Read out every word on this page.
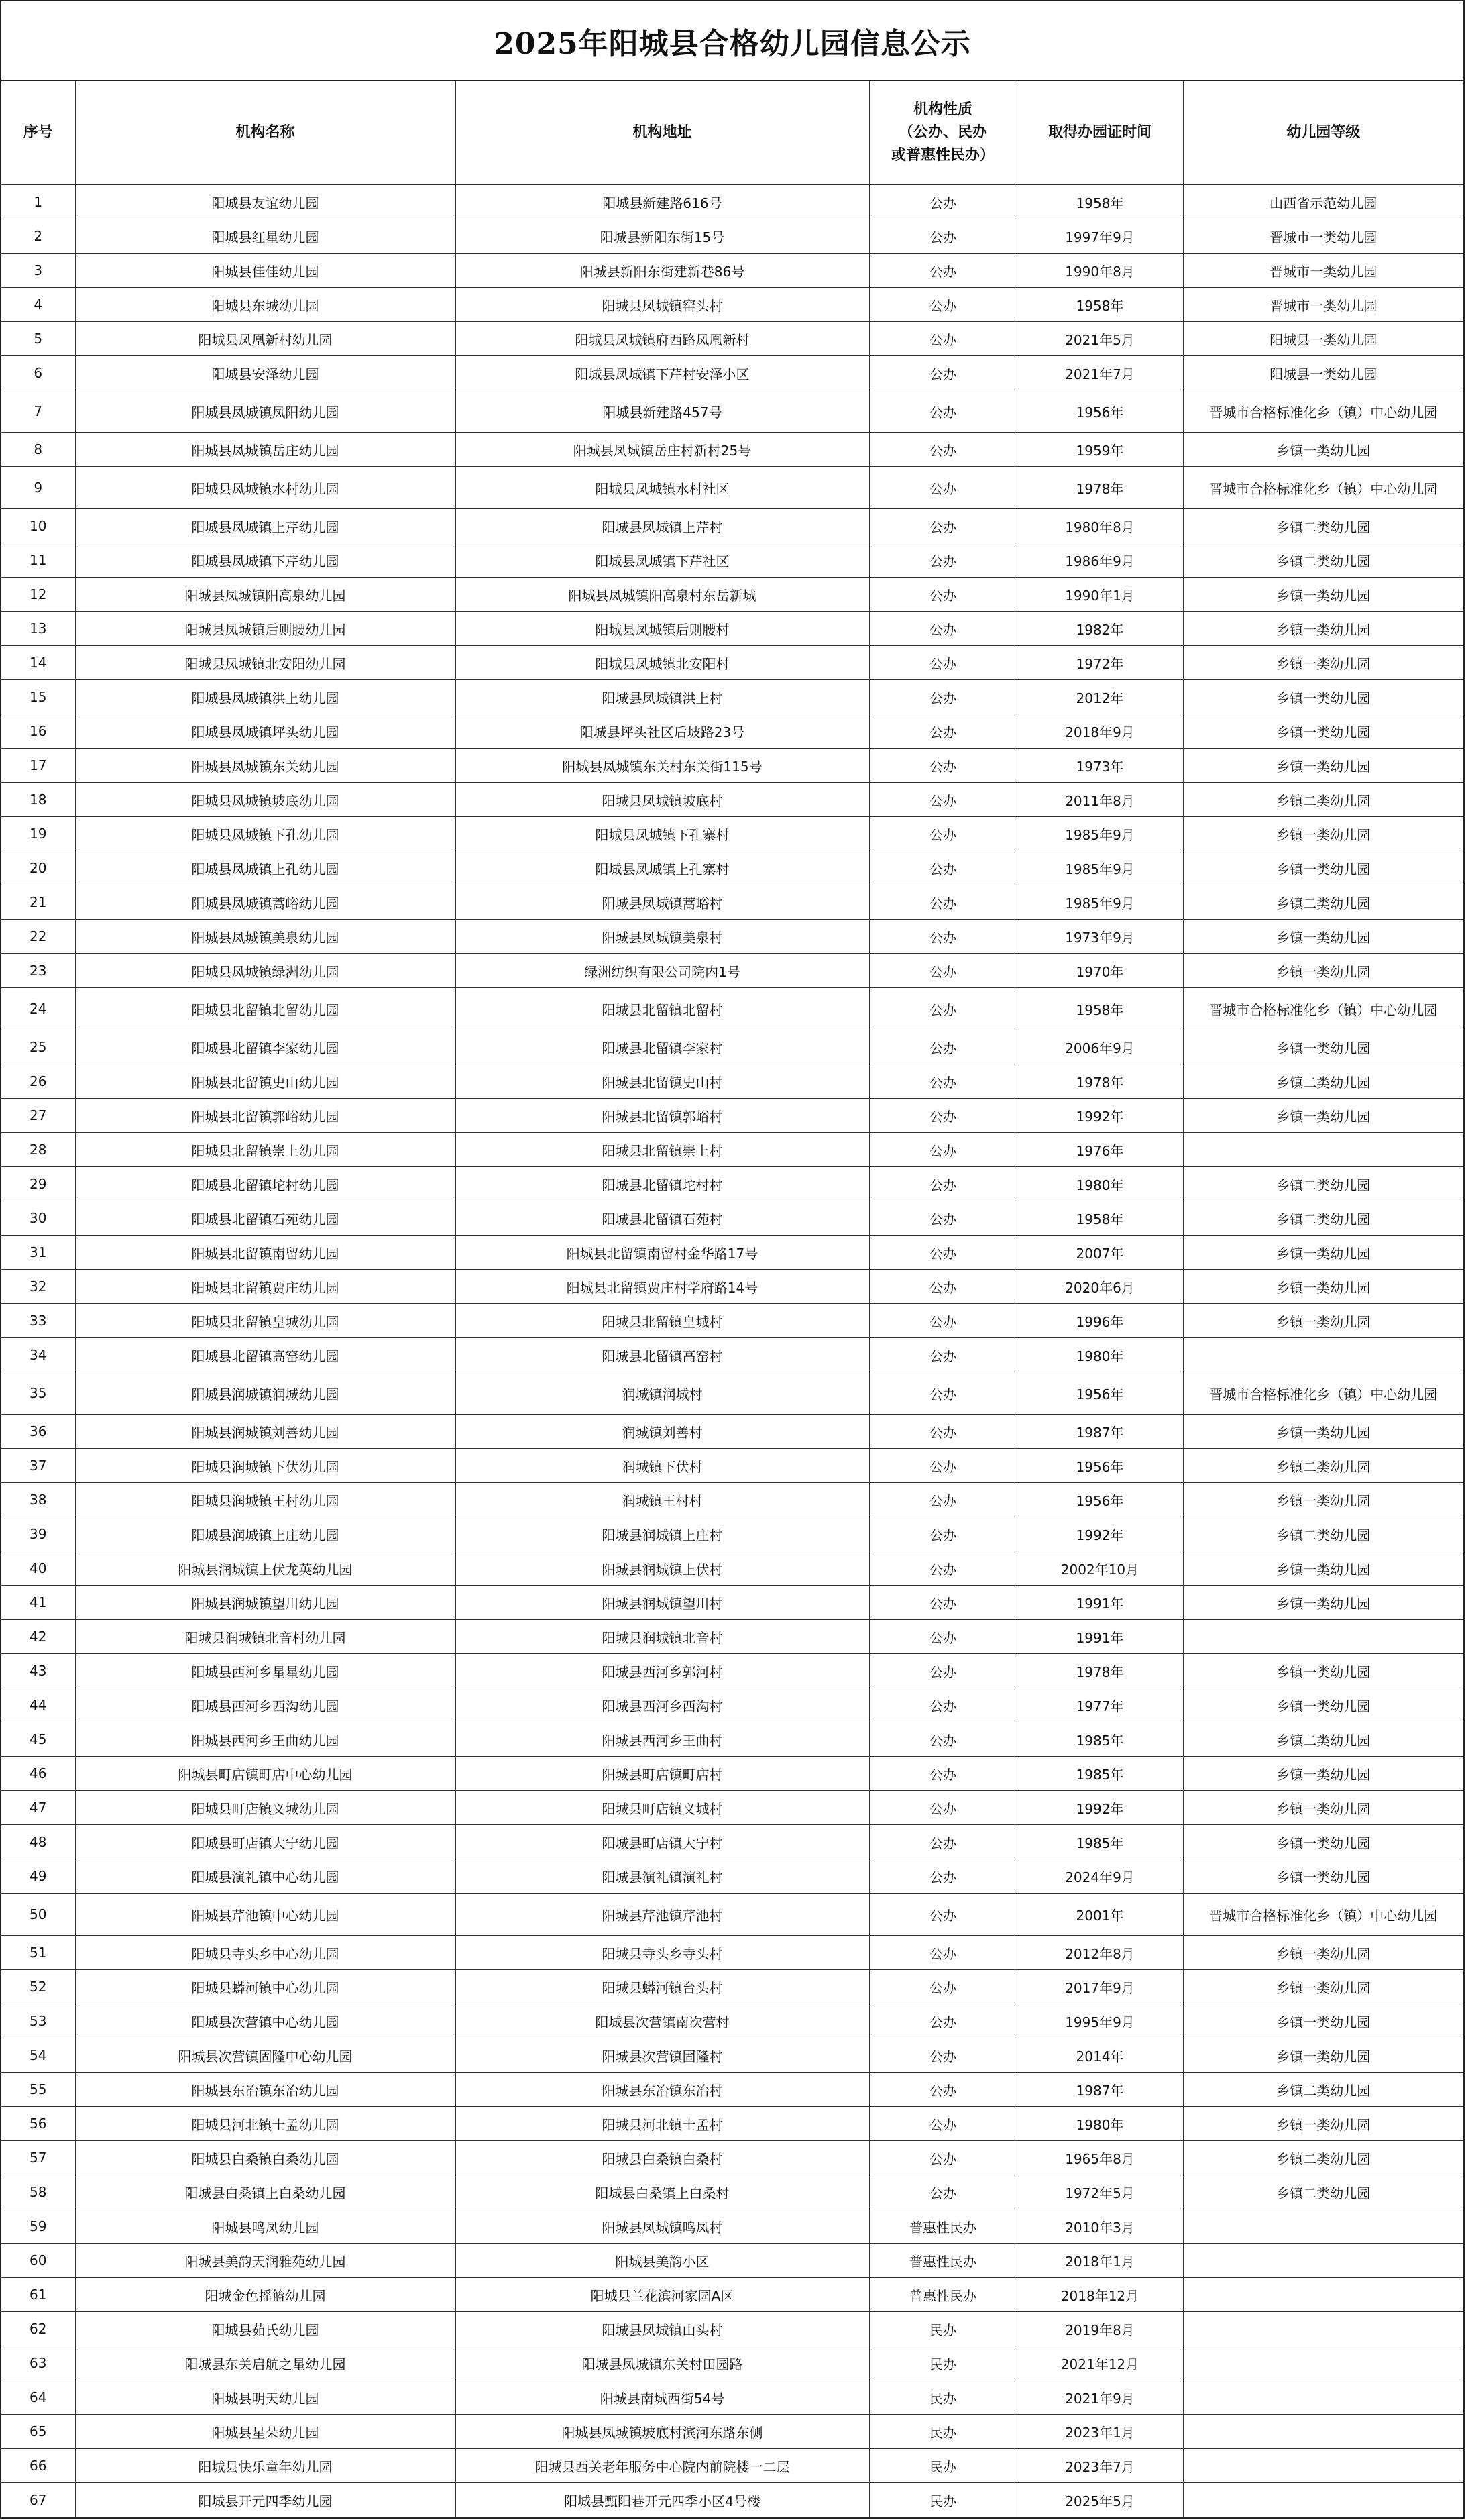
2025年阳城县合格幼儿园信息公示
序号	机构名称	机构地址	机构性质
（公办、民办
或普惠性民办）	取得办园证时间	幼儿园等级
1	阳城县友谊幼儿园	阳城县新建路616号	公办	1958年	山西省示范幼儿园
2	阳城县红星幼儿园	阳城县新阳东街15号	公办	1997年9月	晋城市一类幼儿园
3	阳城县佳佳幼儿园	阳城县新阳东街建新巷86号	公办	1990年8月	晋城市一类幼儿园
4	阳城县东城幼儿园	阳城县凤城镇窑头村	公办	1958年	晋城市一类幼儿园
5	阳城县凤凰新村幼儿园	阳城县凤城镇府西路凤凰新村	公办	2021年5月	阳城县一类幼儿园
6	阳城县安泽幼儿园	阳城县凤城镇下芹村安泽小区	公办	2021年7月	阳城县一类幼儿园
7	阳城县凤城镇凤阳幼儿园	阳城县新建路457号	公办	1956年	晋城市合格标准化乡（镇）中心幼儿园
8	阳城县凤城镇岳庄幼儿园	阳城县凤城镇岳庄村新村25号	公办	1959年	乡镇一类幼儿园
9	阳城县凤城镇水村幼儿园	阳城县凤城镇水村社区	公办	1978年	晋城市合格标准化乡（镇）中心幼儿园
10	阳城县凤城镇上芹幼儿园	阳城县凤城镇上芹村	公办	1980年8月	乡镇二类幼儿园
11	阳城县凤城镇下芹幼儿园	阳城县凤城镇下芹社区	公办	1986年9月	乡镇二类幼儿园
12	阳城县凤城镇阳高泉幼儿园	阳城县凤城镇阳高泉村东岳新城	公办	1990年1月	乡镇一类幼儿园
13	阳城县凤城镇后则腰幼儿园	阳城县凤城镇后则腰村	公办	1982年	乡镇一类幼儿园
14	阳城县凤城镇北安阳幼儿园	阳城县凤城镇北安阳村	公办	1972年	乡镇一类幼儿园
15	阳城县凤城镇洪上幼儿园	阳城县凤城镇洪上村	公办	2012年	乡镇一类幼儿园
16	阳城县凤城镇坪头幼儿园	阳城县坪头社区后坡路23号	公办	2018年9月	乡镇一类幼儿园
17	阳城县凤城镇东关幼儿园	阳城县凤城镇东关村东关街115号	公办	1973年	乡镇一类幼儿园
18	阳城县凤城镇坡底幼儿园	阳城县凤城镇坡底村	公办	2011年8月	乡镇二类幼儿园
19	阳城县凤城镇下孔幼儿园	阳城县凤城镇下孔寨村	公办	1985年9月	乡镇一类幼儿园
20	阳城县凤城镇上孔幼儿园	阳城县凤城镇上孔寨村	公办	1985年9月	乡镇一类幼儿园
21	阳城县凤城镇蒿峪幼儿园	阳城县凤城镇蒿峪村	公办	1985年9月	乡镇二类幼儿园
22	阳城县凤城镇美泉幼儿园	阳城县凤城镇美泉村	公办	1973年9月	乡镇一类幼儿园
23	阳城县凤城镇绿洲幼儿园	绿洲纺织有限公司院内1号	公办	1970年	乡镇一类幼儿园
24	阳城县北留镇北留幼儿园	阳城县北留镇北留村	公办	1958年	晋城市合格标准化乡（镇）中心幼儿园
25	阳城县北留镇李家幼儿园	阳城县北留镇李家村	公办	2006年9月	乡镇一类幼儿园
26	阳城县北留镇史山幼儿园	阳城县北留镇史山村	公办	1978年	乡镇二类幼儿园
27	阳城县北留镇郭峪幼儿园	阳城县北留镇郭峪村	公办	1992年	乡镇一类幼儿园
28	阳城县北留镇崇上幼儿园	阳城县北留镇崇上村	公办	1976年	
29	阳城县北留镇坨村幼儿园	阳城县北留镇坨村村	公办	1980年	乡镇二类幼儿园
30	阳城县北留镇石苑幼儿园	阳城县北留镇石苑村	公办	1958年	乡镇二类幼儿园
31	阳城县北留镇南留幼儿园	阳城县北留镇南留村金华路17号	公办	2007年	乡镇一类幼儿园
32	阳城县北留镇贾庄幼儿园	阳城县北留镇贾庄村学府路14号	公办	2020年6月	乡镇一类幼儿园
33	阳城县北留镇皇城幼儿园	阳城县北留镇皇城村	公办	1996年	乡镇一类幼儿园
34	阳城县北留镇高窑幼儿园	阳城县北留镇高窑村	公办	1980年	
35	阳城县润城镇润城幼儿园	润城镇润城村	公办	1956年	晋城市合格标准化乡（镇）中心幼儿园
36	阳城县润城镇刘善幼儿园	润城镇刘善村	公办	1987年	乡镇一类幼儿园
37	阳城县润城镇下伏幼儿园	润城镇下伏村	公办	1956年	乡镇二类幼儿园
38	阳城县润城镇王村幼儿园	润城镇王村村	公办	1956年	乡镇一类幼儿园
39	阳城县润城镇上庄幼儿园	阳城县润城镇上庄村	公办	1992年	乡镇二类幼儿园
40	阳城县润城镇上伏龙英幼儿园	阳城县润城镇上伏村	公办	2002年10月	乡镇一类幼儿园
41	阳城县润城镇望川幼儿园	阳城县润城镇望川村	公办	1991年	乡镇一类幼儿园
42	阳城县润城镇北音村幼儿园	阳城县润城镇北音村	公办	1991年	
43	阳城县西河乡星星幼儿园	阳城县西河乡郭河村	公办	1978年	乡镇一类幼儿园
44	阳城县西河乡西沟幼儿园	阳城县西河乡西沟村	公办	1977年	乡镇一类幼儿园
45	阳城县西河乡王曲幼儿园	阳城县西河乡王曲村	公办	1985年	乡镇二类幼儿园
46	阳城县町店镇町店中心幼儿园	阳城县町店镇町店村	公办	1985年	乡镇一类幼儿园
47	阳城县町店镇义城幼儿园	阳城县町店镇义城村	公办	1992年	乡镇一类幼儿园
48	阳城县町店镇大宁幼儿园	阳城县町店镇大宁村	公办	1985年	乡镇一类幼儿园
49	阳城县演礼镇中心幼儿园	阳城县演礼镇演礼村	公办	2024年9月	乡镇一类幼儿园
50	阳城县芹池镇中心幼儿园	阳城县芹池镇芹池村	公办	2001年	晋城市合格标准化乡（镇）中心幼儿园
51	阳城县寺头乡中心幼儿园	阳城县寺头乡寺头村	公办	2012年8月	乡镇一类幼儿园
52	阳城县蟒河镇中心幼儿园	阳城县蟒河镇台头村	公办	2017年9月	乡镇一类幼儿园
53	阳城县次营镇中心幼儿园	阳城县次营镇南次营村	公办	1995年9月	乡镇一类幼儿园
54	阳城县次营镇固隆中心幼儿园	阳城县次营镇固隆村	公办	2014年	乡镇一类幼儿园
55	阳城县东冶镇东冶幼儿园	阳城县东冶镇东冶村	公办	1987年	乡镇二类幼儿园
56	阳城县河北镇士孟幼儿园	阳城县河北镇士孟村	公办	1980年	乡镇一类幼儿园
57	阳城县白桑镇白桑幼儿园	阳城县白桑镇白桑村	公办	1965年8月	乡镇二类幼儿园
58	阳城县白桑镇上白桑幼儿园	阳城县白桑镇上白桑村	公办	1972年5月	乡镇二类幼儿园
59	阳城县鸣凤幼儿园	阳城县凤城镇鸣凤村	普惠性民办	2010年3月	
60	阳城县美韵天润雅苑幼儿园	阳城县美韵小区	普惠性民办	2018年1月	
61	阳城金色摇篮幼儿园	阳城县兰花滨河家园A区	普惠性民办	2018年12月	
62	阳城县茹氏幼儿园	阳城县凤城镇山头村	民办	2019年8月	
63	阳城县东关启航之星幼儿园	阳城县凤城镇东关村田园路	民办	2021年12月	
64	阳城县明天幼儿园	阳城县南城西街54号	民办	2021年9月	
65	阳城县星朵幼儿园	阳城县凤城镇坡底村滨河东路东侧	民办	2023年1月	
66	阳城县快乐童年幼儿园	阳城县西关老年服务中心院内前院楼一二层	民办	2023年7月	
67	阳城县开元四季幼儿园	阳城县甄阳巷开元四季小区4号楼	民办	2025年5月	
